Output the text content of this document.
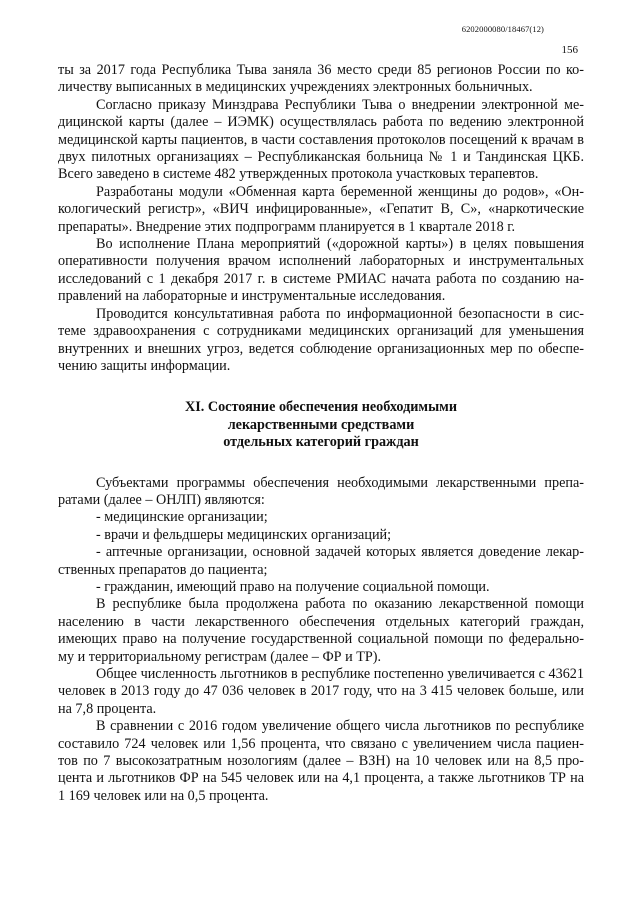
6202000080/18467(12)
156

ты за 2017 года Республика Тыва заняла 36 место среди 85 регионов России по ко- личеству выписанных в медицинских учреждениях электронных больничных.

Согласно приказу Минздрава Республики Тыва о внедрении электронной ме- дицинской карты (далее – ИЭМК) осуществлялась работа по ведению электронной медицинской карты пациентов, в части составления протоколов посещений к врачам в двух пилотных организациях – Республиканская больница № 1 и Тандинская ЦКБ. Всего заведено в системе 482 утвержденных протокола участковых терапевтов.

Разработаны модули «Обменная карта беременной женщины до родов», «Он- кологический регистр», «ВИЧ инфицированные», «Гепатит В, С», «наркотические препараты». Внедрение этих подпрограмм планируется в 1 квартале 2018 г.

Во исполнение Плана мероприятий («дорожной карты») в целях повышения оперативности получения врачом исполнений лабораторных и инструментальных исследований с 1 декабря 2017 г. в системе РМИАС начата работа по созданию на- правлений на лабораторные и инструментальные исследования.

Проводится консультативная работа по информационной безопасности в сис- теме здравоохранения с сотрудниками медицинских организаций для уменьшения внутренних и внешних угроз, ведется соблюдение организационных мер по обеспе- чению защиты информации.

XI. Состояние обеспечения необходимыми
лекарственными средствами
отдельных категорий граждан

Субъектами программы обеспечения необходимыми лекарственными препа- ратами (далее – ОНЛП) являются:

- медицинские организации;

- врачи и фельдшеры медицинских организаций;

- аптечные организации, основной задачей которых является доведение лекар- ственных препаратов до пациента;

- гражданин, имеющий право на получение социальной помощи.

В республике была продолжена работа по оказанию лекарственной помощи населению в части лекарственного обеспечения отдельных категорий граждан, имеющих право на получение государственной социальной помощи по федерально- му и территориальному регистрам (далее – ФР и ТР).

Общее численность льготников в республике постепенно увеличивается с 43621 человек в 2013 году до 47 036 человек в 2017 году, что на 3 415 человек больше, или на 7,8 процента.

В сравнении с 2016 годом увеличение общего числа льготников по республике составило 724 человек или 1,56 процента, что связано с увеличением числа пациен- тов по 7 высокозатратным нозологиям (далее – ВЗН) на 10 человек или на 8,5 про- цента и льготников ФР на 545 человек или на 4,1 процента, а также льготников ТР на 1 169 человек или на 0,5 процента.
